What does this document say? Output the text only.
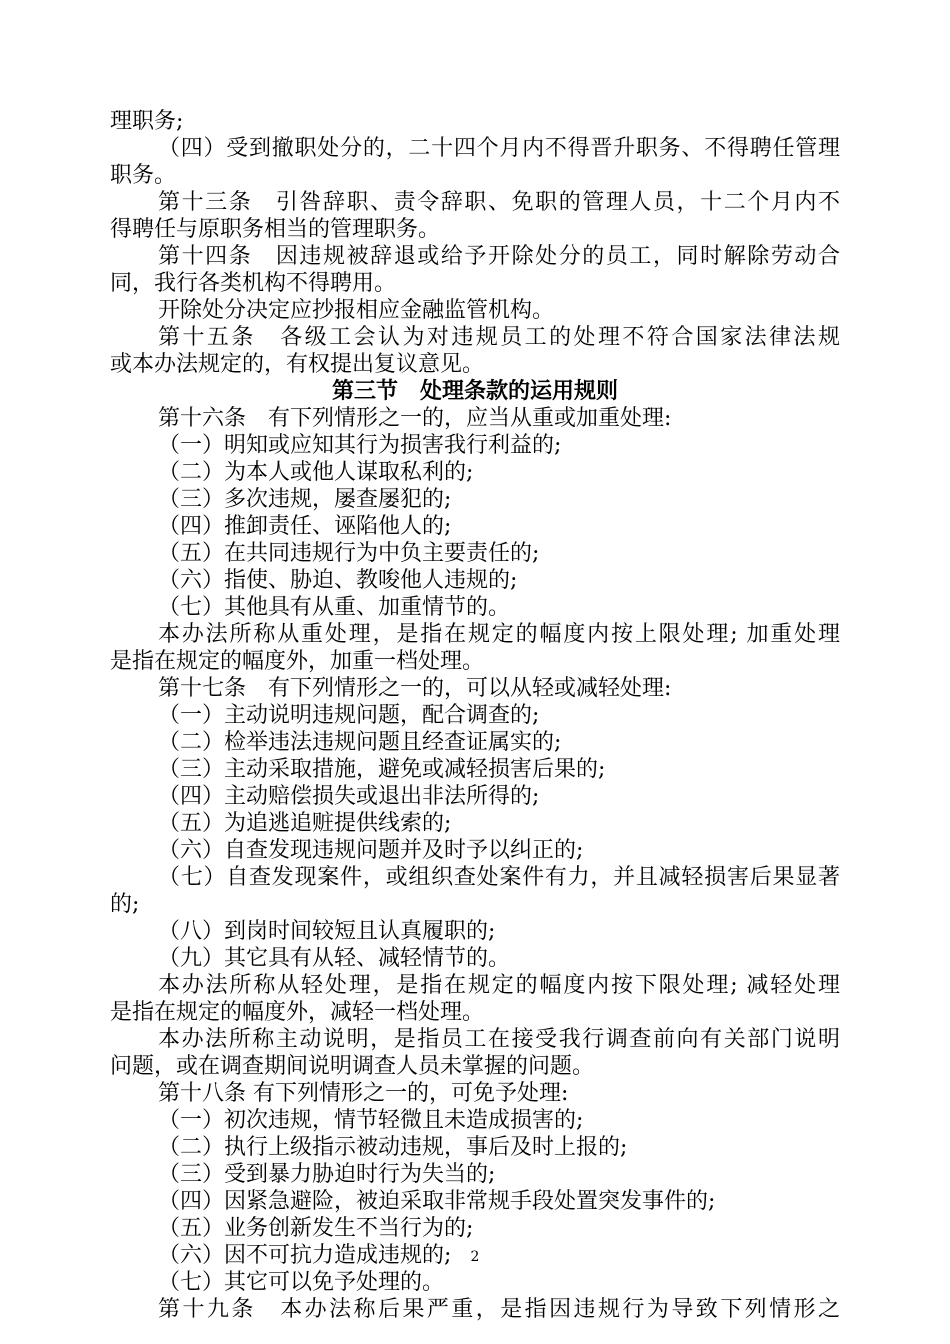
理职务;
（四）受到撤职处分的，二十四个月内不得晋升职务、不得聘任管理
职务。
第十三条　引咎辞职、责令辞职、免职的管理人员，十二个月内不
得聘任与原职务相当的管理职务。
第十四条　因违规被辞退或给予开除处分的员工，同时解除劳动合
同，我行各类机构不得聘用。
开除处分决定应抄报相应金融监管机构。
第十五条　各级工会认为对违规员工的处理不符合国家法律法规
或本办法规定的，有权提出复议意见。
第三节　处理条款的运用规则
第十六条　有下列情形之一的，应当从重或加重处理:
（一）明知或应知其行为损害我行利益的;
（二）为本人或他人谋取私利的;
（三）多次违规，屡查屡犯的;
（四）推卸责任、诬陷他人的;
（五）在共同违规行为中负主要责任的;
（六）指使、胁迫、教唆他人违规的;
（七）其他具有从重、加重情节的。
本办法所称从重处理，是指在规定的幅度内按上限处理; 加重处理
是指在规定的幅度外，加重一档处理。
第十七条　有下列情形之一的，可以从轻或减轻处理:
（一）主动说明违规问题，配合调查的;
（二）检举违法违规问题且经查证属实的;
（三）主动采取措施，避免或减轻损害后果的;
（四）主动赔偿损失或退出非法所得的;
（五）为追逃追赃提供线索的;
（六）自查发现违规问题并及时予以纠正的;
（七）自查发现案件，或组织查处案件有力，并且减轻损害后果显著
的;
（八）到岗时间较短且认真履职的;
（九）其它具有从轻、减轻情节的。
本办法所称从轻处理，是指在规定的幅度内按下限处理; 减轻处理
是指在规定的幅度外，减轻一档处理。
本办法所称主动说明，是指员工在接受我行调查前向有关部门说明
问题，或在调查期间说明调查人员未掌握的问题。
第十八条 有下列情形之一的，可免予处理:
（一）初次违规，情节轻微且未造成损害的;
（二）执行上级指示被动违规，事后及时上报的;
（三）受到暴力胁迫时行为失当的;
（四）因紧急避险，被迫采取非常规手段处置突发事件的;
（五）业务创新发生不当行为的;
（六）因不可抗力造成违规的;
（七）其它可以免予处理的。
第十九条　本办法称后果严重，是指因违规行为导致下列情形之
2
